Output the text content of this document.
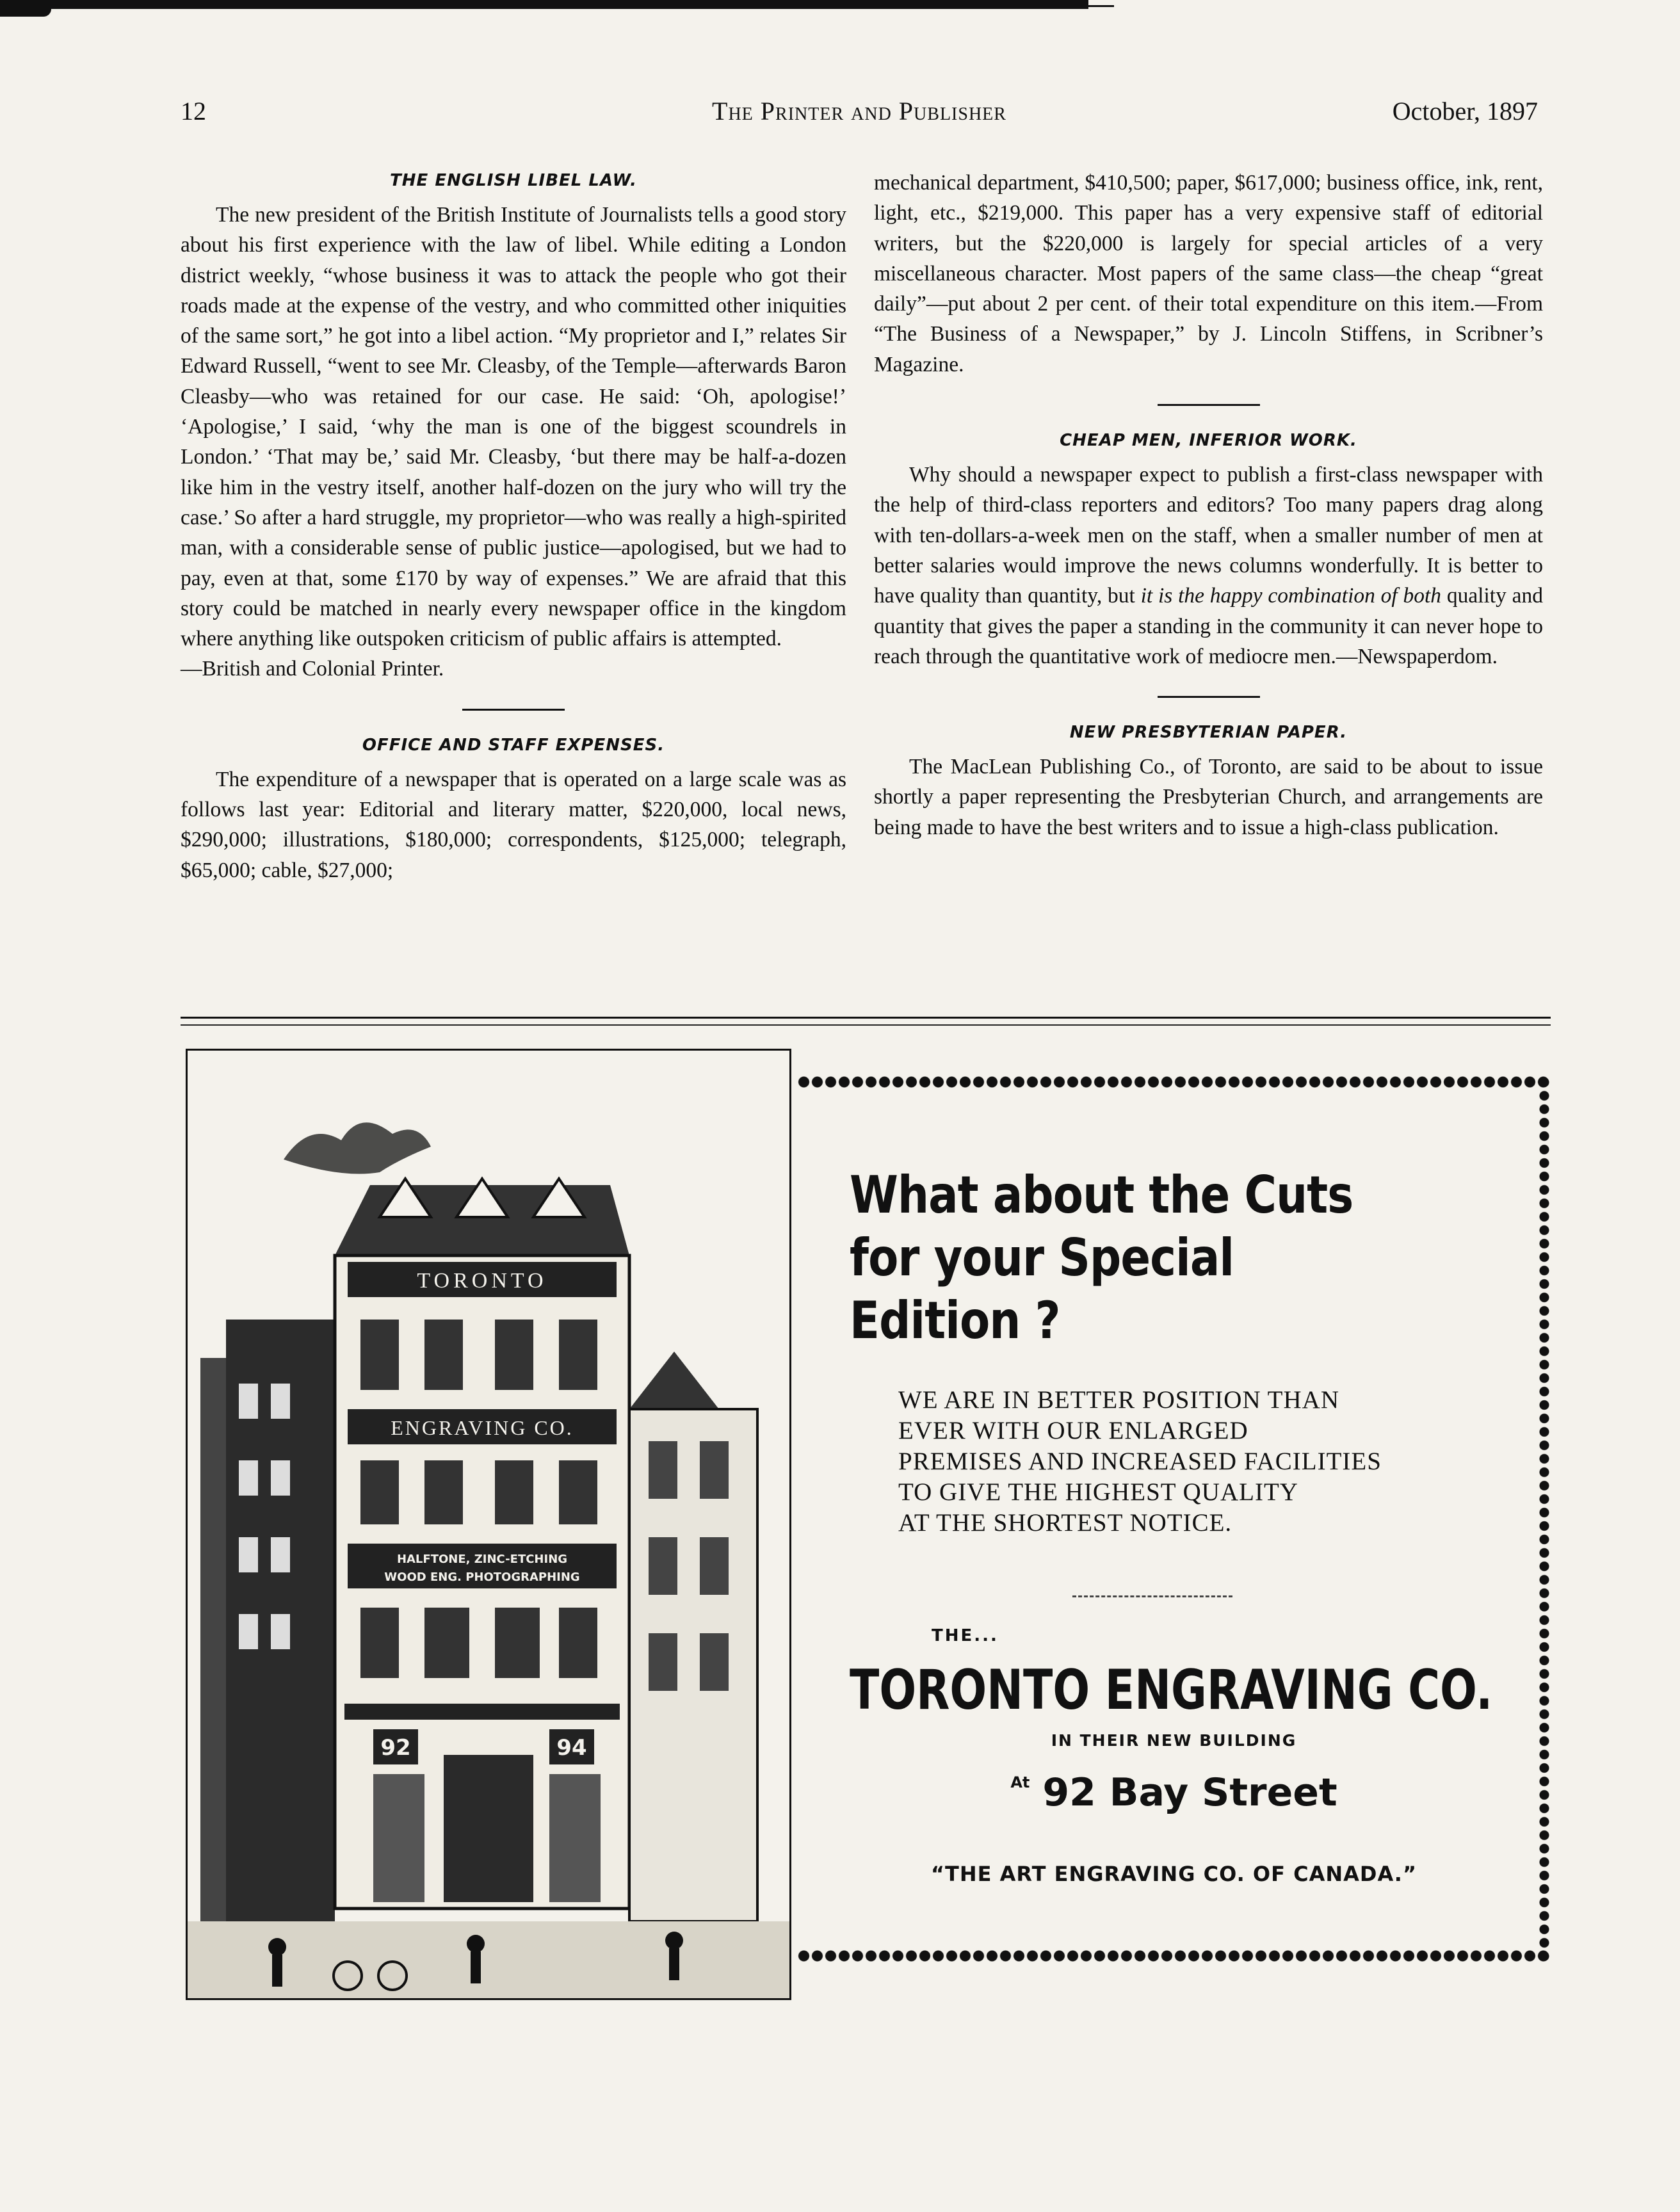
12	The Printer and Publisher	October, 1897
THE ENGLISH LIBEL LAW.

The new president of the British Institute of Journalists tells a good story about his first experience with the law of libel. While editing a London district weekly, “whose business it was to attack the people who got their roads made at the expense of the vestry, and who committed other iniquities of the same sort,” he got into a libel action. “My proprietor and I,” relates Sir Edward Russell, “went to see Mr. Cleasby, of the Temple—afterwards Baron Cleasby—who was retained for our case. He said: ‘Oh, apologise!’ ‘Apologise,’ I said, ‘why the man is one of the biggest scoundrels in London.’ ‘That may be,’ said Mr. Cleasby, ‘but there may be half-a-dozen like him in the vestry itself, another half-dozen on the jury who will try the case.’ So after a hard struggle, my proprietor—who was really a high-spirited man, with a considerable sense of public justice—apologised, but we had to pay, even at that, some £170 by way of expenses.” We are afraid that this story could be matched in nearly every newspaper office in the kingdom where anything like outspoken criticism of public affairs is attempted.

—British and Colonial Printer.

OFFICE AND STAFF EXPENSES.

The expenditure of a newspaper that is operated on a large scale was as follows last year: Editorial and literary matter, $220,000, local news, $290,000; illustrations, $180,000; correspondents, $125,000; telegraph, $65,000; cable, $27,000;

mechanical department, $410,500; paper, $617,000; business office, ink, rent, light, etc., $219,000. This paper has a very expensive staff of editorial writers, but the $220,000 is largely for special articles of a very miscellaneous character. Most papers of the same class—the cheap “great daily”—put about 2 per cent. of their total expenditure on this item.—From “The Business of a Newspaper,” by J. Lincoln Stiffens, in Scribner’s Magazine.

CHEAP MEN, INFERIOR WORK.

Why should a newspaper expect to publish a first-class newspaper with the help of third-class reporters and editors? Too many papers drag along with ten-dollars-a-week men on the staff, when a smaller number of men at better salaries would improve the news columns wonderfully. It is better to have quality than quantity, but it is the happy combination of both quality and quantity that gives the paper a standing in the community it can never hope to reach through the quantitative work of mediocre men.—Newspaperdom.

NEW PRESBYTERIAN PAPER.

The MacLean Publishing Co., of Toronto, are said to be about to issue shortly a paper representing the Presbyterian Church, and arrangements are being made to have the best writers and to issue a high-class publication.

TORONTO
ENGRAVING CO.
HALFTONE, ZINC-ETCHING
WOOD ENG. PHOTOGRAPHING
92	94
What about the Cuts for your Special Edition ?
WE ARE IN BETTER POSITION THAN
EVER WITH OUR ENLARGED
PREMISES AND INCREASED FACILITIES
TO GIVE THE HIGHEST QUALITY
AT THE SHORTEST NOTICE.
THE...
TORONTO ENGRAVING CO.
IN THEIR NEW BUILDING
$^{At}$ 92 Bay Street
“THE ART ENGRAVING CO. OF CANADA.”
